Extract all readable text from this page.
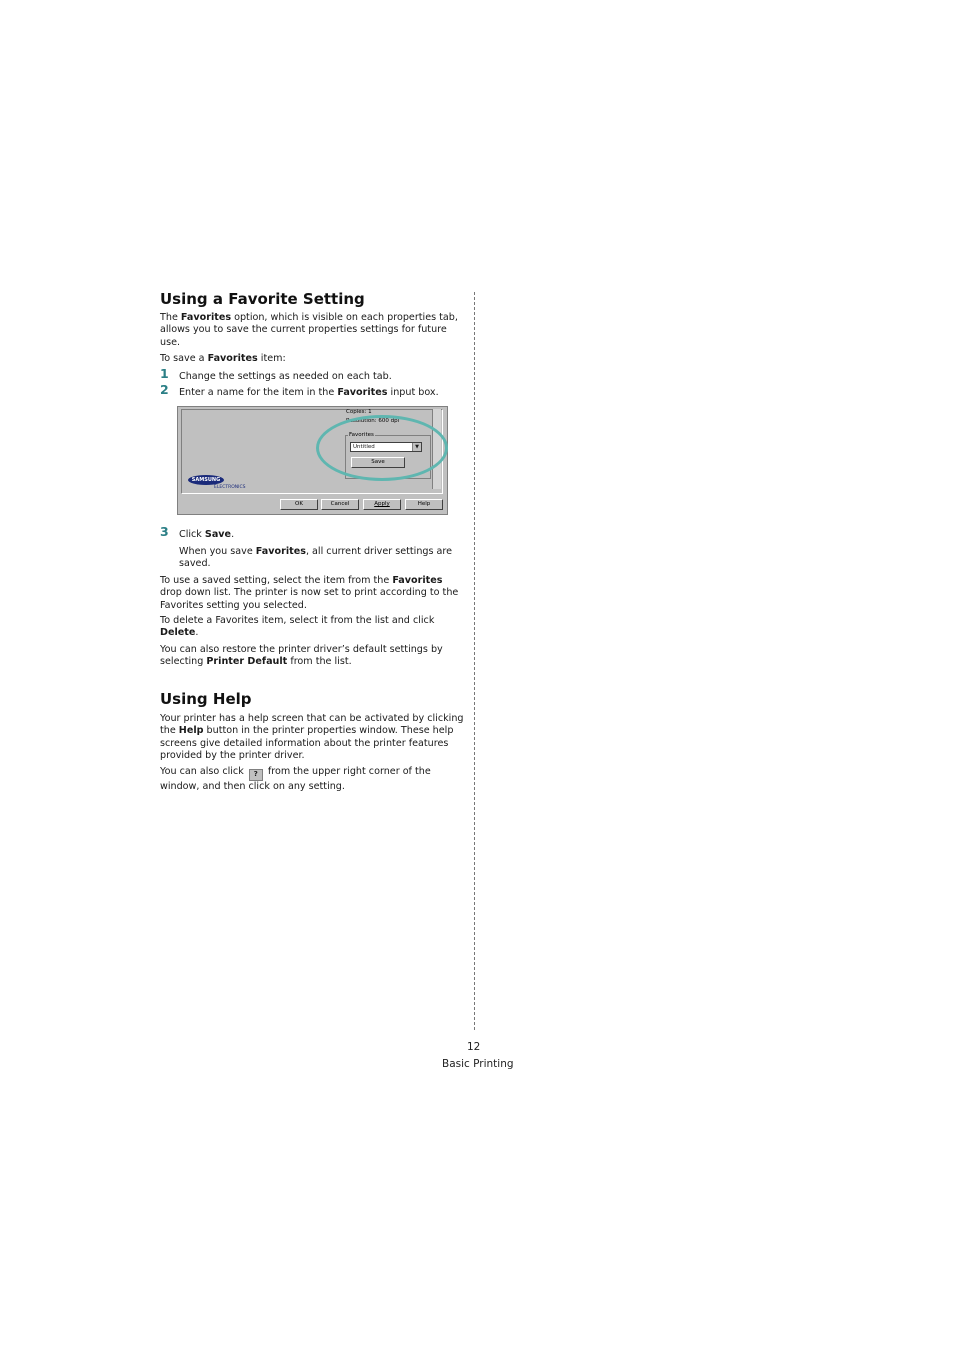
Using a Favorite Setting

The Favorites option, which is visible on each properties tab, allows you to save the current properties settings for future use.

To save a Favorites item:

1 Change the settings as needed on each tab.
2 Enter a name for the item in the Favorites input box.
Copies: 1
Resolution: 600 dpi
Favorites
Untitled	▼
Save
SAMSUNG
ELECTRONICS
OK	Cancel	Apply	Help
3 Click Save.

When you save Favorites, all current driver settings are saved.

To use a saved setting, select the item from the Favorites drop down list. The printer is now set to print according to the Favorites setting you selected.

To delete a Favorites item, select it from the list and click Delete.

You can also restore the printer driver’s default settings by selecting Printer Default from the list.

Using Help

Your printer has a help screen that can be activated by clicking the Help button in the printer properties window. These help screens give detailed information about the printer features provided by the printer driver.

You can also click ? from the upper right corner of the window, and then click on any setting.

12
Basic Printing
